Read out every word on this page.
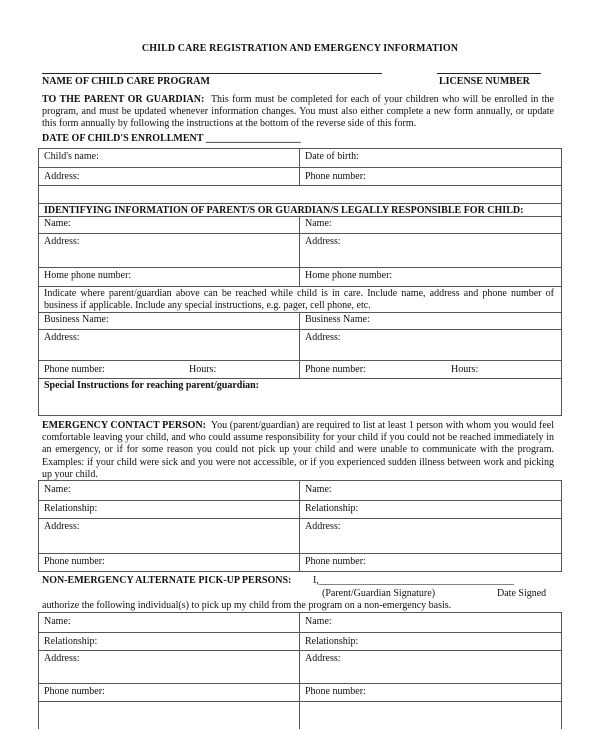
CHILD CARE REGISTRATION AND EMERGENCY INFORMATION
NAME OF CHILD CARE PROGRAM	LICENSE NUMBER
TO THE PARENT OR GUARDIAN: This form must be completed for each of your children who will be enrolled in the program, and must be updated whenever information changes. You must also either complete a new form annually, or update this form annually by following the instructions at the bottom of the reverse side of this form.
DATE OF CHILD'S ENROLLMENT ___________________
Child's name:	Date of birth:
Address:	Phone number:
IDENTIFYING INFORMATION OF PARENT/S OR GUARDIAN/S LEGALLY RESPONSIBLE FOR CHILD:
Name:	Name:
Address:	Address:
Home phone number:	Home phone number:
Indicate where parent/guardian above can be reached while child is in care. Include name, address and phone number of business if applicable. Include any special instructions, e.g. pager, cell phone, etc.
Business Name:	Business Name:
Address:	Address:
Phone number:	Hours:	Phone number:	Hours:
Special Instructions for reaching parent/guardian:
EMERGENCY CONTACT PERSON: You (parent/guardian) are required to list at least 1 person with whom you would feel comfortable leaving your child, and who could assume responsibility for your child if you could not be reached immediately in an emergency, or if for some reason you could not pick up your child and were unable to communicate with the program. Examples: if your child were sick and you were not accessible, or if you experienced sudden illness between work and picking up your child.
Name:	Name:
Relationship:	Relationship:
Address:	Address:
Phone number:	Phone number:
NON-EMERGENCY ALTERNATE PICK-UP PERSONS: I,_______________________________________
(Parent/Guardian Signature)	Date Signed
authorize the following individual(s) to pick up my child from the program on a non-emergency basis.
Name:	Name:
Relationship:	Relationship:
Address:	Address:
Phone number:	Phone number:
